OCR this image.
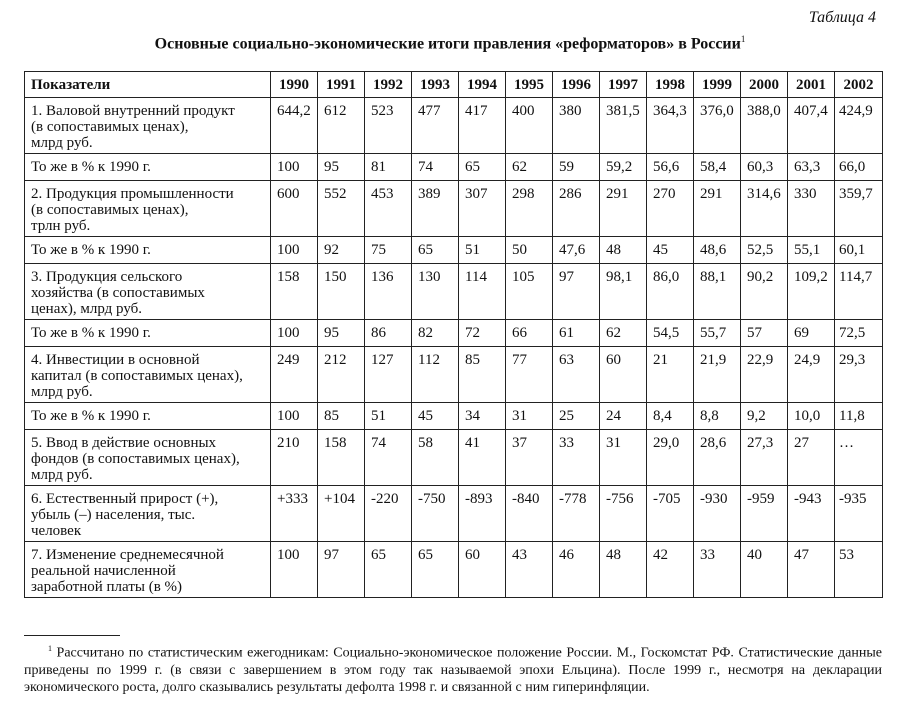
Таблица 4
Основные социально-экономические итоги правления «реформаторов» в России$^1$
Показатели	1990	1991	1992	1993	1994	1995	1996	1997	1998	1999	2000	2001	2002
1. Валовой внутренний продукт
(в сопоставимых ценах),
млрд руб.	644,2	612	523	477	417	400	380	381,5	364,3	376,0	388,0	407,4	424,9
То же в % к 1990 г.	100	95	81	74	65	62	59	59,2	56,6	58,4	60,3	63,3	66,0
2. Продукция промышленности
(в сопоставимых ценах),
трлн руб.	600	552	453	389	307	298	286	291	270	291	314,6	330	359,7
То же в % к 1990 г.	100	92	75	65	51	50	47,6	48	45	48,6	52,5	55,1	60,1
3. Продукция сельского
хозяйства (в сопоставимых
ценах), млрд руб.	158	150	136	130	114	105	97	98,1	86,0	88,1	90,2	109,2	114,7
То же в % к 1990 г.	100	95	86	82	72	66	61	62	54,5	55,7	57	69	72,5
4. Инвестиции в основной
капитал (в сопоставимых ценах),
млрд руб.	249	212	127	112	85	77	63	60	21	21,9	22,9	24,9	29,3
То же в % к 1990 г.	100	85	51	45	34	31	25	24	8,4	8,8	9,2	10,0	11,8
5. Ввод в действие основных
фондов (в сопоставимых ценах),
млрд руб.	210	158	74	58	41	37	33	31	29,0	28,6	27,3	27	…
6. Естественный прирост (+),
убыль (–) населения, тыс.
человек	+333	+104	-220	-750	-893	-840	-778	-756	-705	-930	-959	-943	-935
7. Изменение среднемесячной
реальной начисленной
заработной платы (в %)	100	97	65	65	60	43	46	48	42	33	40	47	53
$^1$ Рассчитано по статистическим ежегодникам: Социально-экономическое положение России. М., Госкомстат РФ. Статистические данные приведены по 1999 г. (в связи с завершением в этом году так называемой эпохи Ельцина). После 1999 г., несмотря на декларации экономического роста, долго сказывались результаты дефолта 1998 г. и связанной с ним гиперинфляции.
